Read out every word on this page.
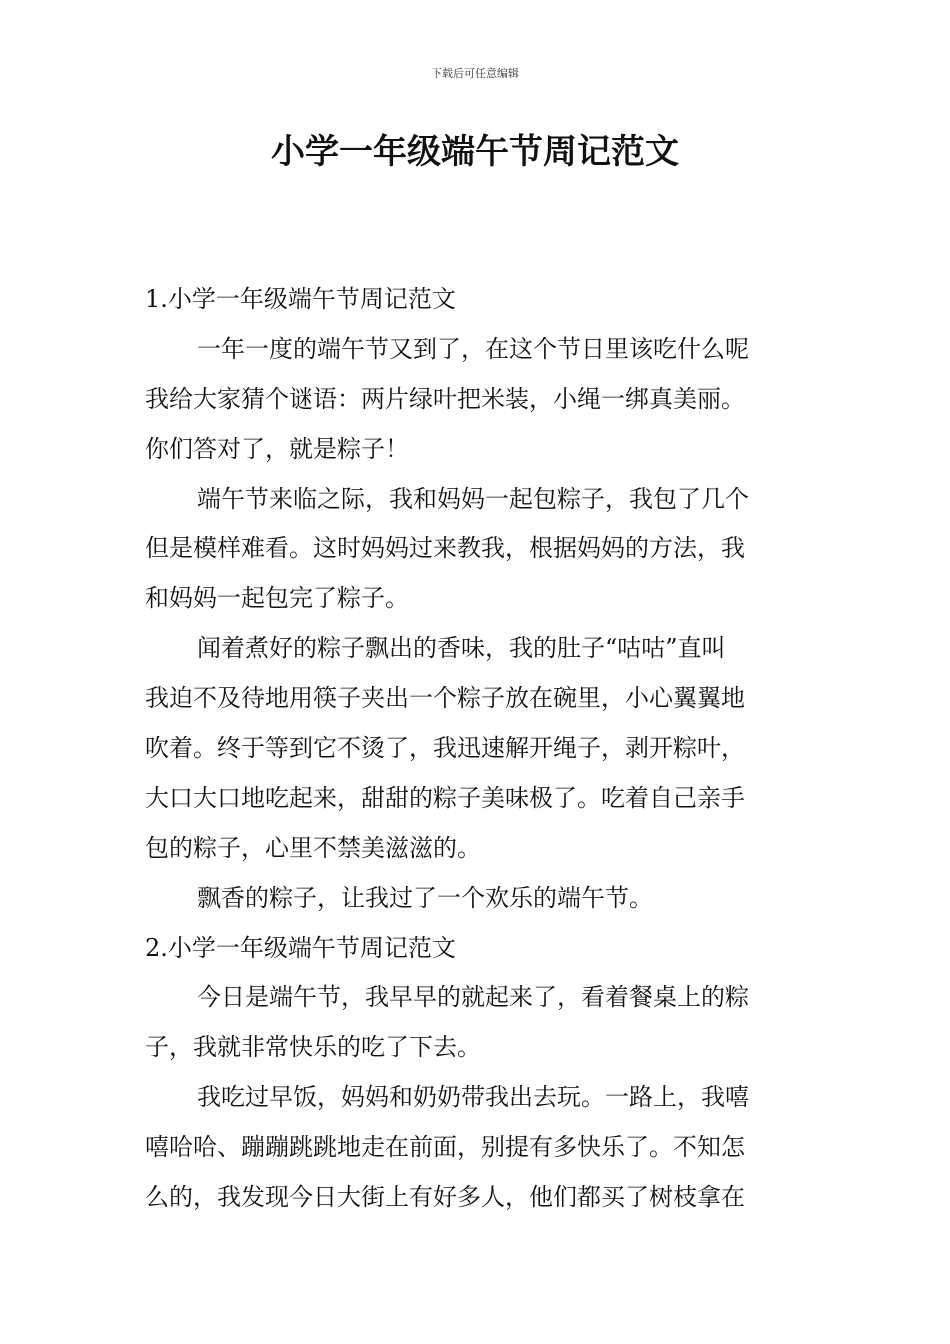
下载后可任意编辑
小学一年级端午节周记范文

1.小学一年级端午节周记范文

一年一度的端午节又到了，在这个节日里该吃什么呢

我给大家猜个谜语：两片绿叶把米装，小绳一绑真美丽。

你们答对了，就是粽子！

端午节来临之际，我和妈妈一起包粽子，我包了几个

但是模样难看。这时妈妈过来教我，根据妈妈的方法，我

和妈妈一起包完了粽子。

闻着煮好的粽子飘出的香味，我的肚子“咕咕”直叫

我迫不及待地用筷子夹出一个粽子放在碗里，小心翼翼地

吹着。终于等到它不烫了，我迅速解开绳子，剥开粽叶，

大口大口地吃起来，甜甜的粽子美味极了。吃着自己亲手

包的粽子，心里不禁美滋滋的。

飘香的粽子，让我过了一个欢乐的端午节。

2.小学一年级端午节周记范文

今日是端午节，我早早的就起来了，看着餐桌上的粽

子，我就非常快乐的吃了下去。

我吃过早饭，妈妈和奶奶带我出去玩。一路上，我嘻

嘻哈哈、蹦蹦跳跳地走在前面，别提有多快乐了。不知怎

么的，我发现今日大街上有好多人，他们都买了树枝拿在
